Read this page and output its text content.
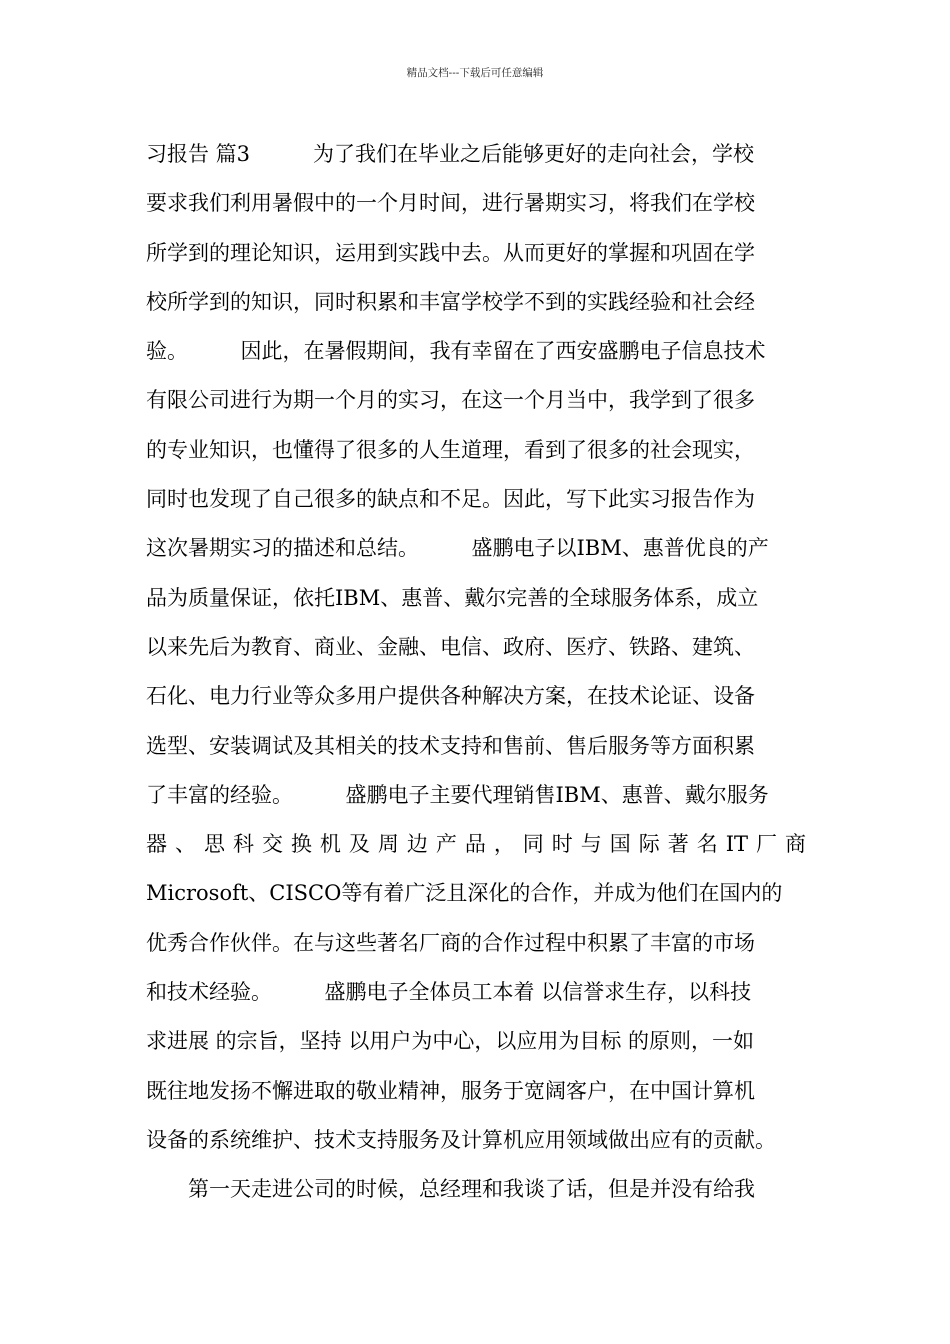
精品文档---下载后可任意编辑
习报告 篇3　　　为了我们在毕业之后能够更好的走向社会，学校
要求我们利用暑假中的一个月时间，进行暑期实习，将我们在学校
所学到的理论知识，运用到实践中去。从而更好的掌握和巩固在学
校所学到的知识，同时积累和丰富学校学不到的实践经验和社会经
验。　　　因此，在暑假期间，我有幸留在了西安盛鹏电子信息技术
有限公司进行为期一个月的实习，在这一个月当中，我学到了很多
的专业知识，也懂得了很多的人生道理，看到了很多的社会现实，
同时也发现了自己很多的缺点和不足。因此，写下此实习报告作为
这次暑期实习的描述和总结。　　　盛鹏电子以IBM、惠普优良的产
品为质量保证，依托IBM、惠普、戴尔完善的全球服务体系，成立
以来先后为教育、商业、金融、电信、政府、医疗、铁路、建筑、
石化、电力行业等众多用户提供各种解决方案，在技术论证、设备
选型、安装调试及其相关的技术支持和售前、售后服务等方面积累
了丰富的经验。　　　盛鹏电子主要代理销售IBM、惠普、戴尔服务
器 、 思 科 交 换 机 及 周 边 产 品 ， 同 时 与 国 际 著 名 IT 厂 商
Microsoft、CISCO等有着广泛且深化的合作，并成为他们在国内的
优秀合作伙伴。在与这些著名厂商的合作过程中积累了丰富的市场
和技术经验。　　　盛鹏电子全体员工本着 以信誉求生存，以科技
求进展 的宗旨，坚持 以用户为中心，以应用为目标 的原则，一如
既往地发扬不懈进取的敬业精神，服务于宽阔客户，在中国计算机
设备的系统维护、技术支持服务及计算机应用领域做出应有的贡献。
　　第一天走进公司的时候，总经理和我谈了话，但是并没有给我
